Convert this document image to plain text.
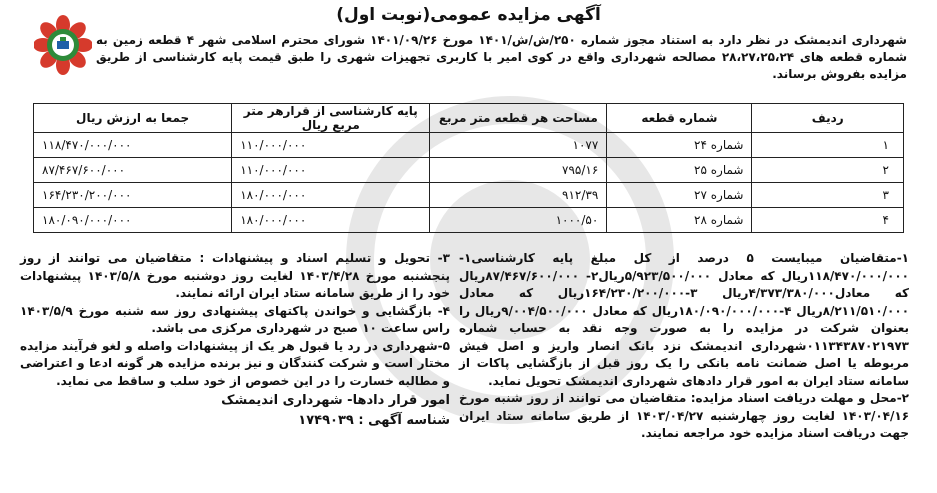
آگهی مزایده عمومی(نوبت اول)
شهرداری اندیمشک در نظر دارد به استناد مجوز شماره ۲۵۰/ش/ش/۱۴۰۱ مورخ ۱۴۰۱/۰۹/۲۶ شورای محترم اسلامی شهر ۴ قطعه زمین به شماره قطعه های ۲۸،۲۷،۲۵،۲۴ مصالحه شهرداری واقع در کوی امیر با کاربری تجهیزات شهری را طبق قیمت پایه کارشناسی از طریق مزایده بفروش برساند.
ردیف	شماره قطعه	مساحت هر قطعه متر مربع	پایه کارشناسی از قرارهر متر مربع ریال	جمعا به ارزش ریال
۱	شماره ۲۴	۱۰۷۷	۱۱۰/۰۰۰/۰۰۰	۱۱۸/۴۷۰/۰۰۰/۰۰۰
۲	شماره ۲۵	۷۹۵/۱۶	۱۱۰/۰۰۰/۰۰۰	۸۷/۴۶۷/۶۰۰/۰۰۰
۳	شماره ۲۷	۹۱۲/۳۹	۱۸۰/۰۰۰/۰۰۰	۱۶۴/۲۳۰/۲۰۰/۰۰۰
۴	شماره ۲۸	۱۰۰۰/۵۰	۱۸۰/۰۰۰/۰۰۰	۱۸۰/۰۹۰/۰۰۰/۰۰۰

۱-متقاضیان میبایست ۵ درصد از کل مبلغ پایه کارشناسی۱- ۱۱۸/۴۷۰/۰۰۰/۰۰۰ریال که معادل ۵/۹۲۳/۵۰۰/۰۰۰ریال۲- ۸۷/۴۶۷/۶۰۰/۰۰۰ریال که معادل۴/۳۷۳/۳۸۰/۰۰۰ریال ۳-۱۶۴/۲۳۰/۲۰۰/۰۰۰ریال که معادل ۸/۲۱۱/۵۱۰/۰۰۰ریال ۴-۱۸۰/۰۹۰/۰۰۰/۰۰۰ریال که معادل ۹/۰۰۴/۵۰۰/۰۰۰ریال را بعنوان شرکت در مزایده را به صورت وجه نقد به حساب شماره ۰۱۱۳۴۳۸۷۰۲۱۹۷۳شهرداری اندیمشک نزد بانک انصار واریز و اصل فیش مربوطه یا اصل ضمانت نامه بانکی را یک روز قبل از بازگشایی پاکات از سامانه ستاد ایران به امور قرار دادهای شهرداری اندیمشک تحویل نماید.

۲-محل و مهلت دریافت اسناد مزایده: متقاضیان می توانند از روز شنبه مورخ ۱۴۰۳/۰۴/۱۶ لغایت روز چهارشنبه ۱۴۰۳/۰۴/۲۷ از طریق سامانه ستاد ایران جهت دریافت اسناد مزایده خود مراجعه نمایند.

۳- تحویل و تسلیم اسناد و پیشنهادات : متقاضیان می توانند از روز پنجشنبه مورخ ۱۴۰۳/۴/۲۸ لغایت روز دوشنبه مورخ ۱۴۰۳/۵/۸ پیشنهادات خود را از طریق سامانه ستاد ایران ارائه نمایند.

۴- بازگشایی و خواندن پاکتهای پیشنهادی روز سه شنبه مورخ ۱۴۰۳/۵/۹ راس ساعت ۱۰ صبح در شهرداری مرکزی می باشد.

۵-شهرداری در رد یا قبول هر یک از پیشنهادات واصله و لغو فرآیند مزایده مختار است و شرکت کنندگان و نیز برنده مزایده هر گونه ادعا و اعتراضی و مطالبه خسارت را در این خصوص از خود سلب و ساقط می نماید.

امور قرار دادها- شهرداری اندیمشک
شناسه آگهی : ۱۷۴۹۰۳۹
